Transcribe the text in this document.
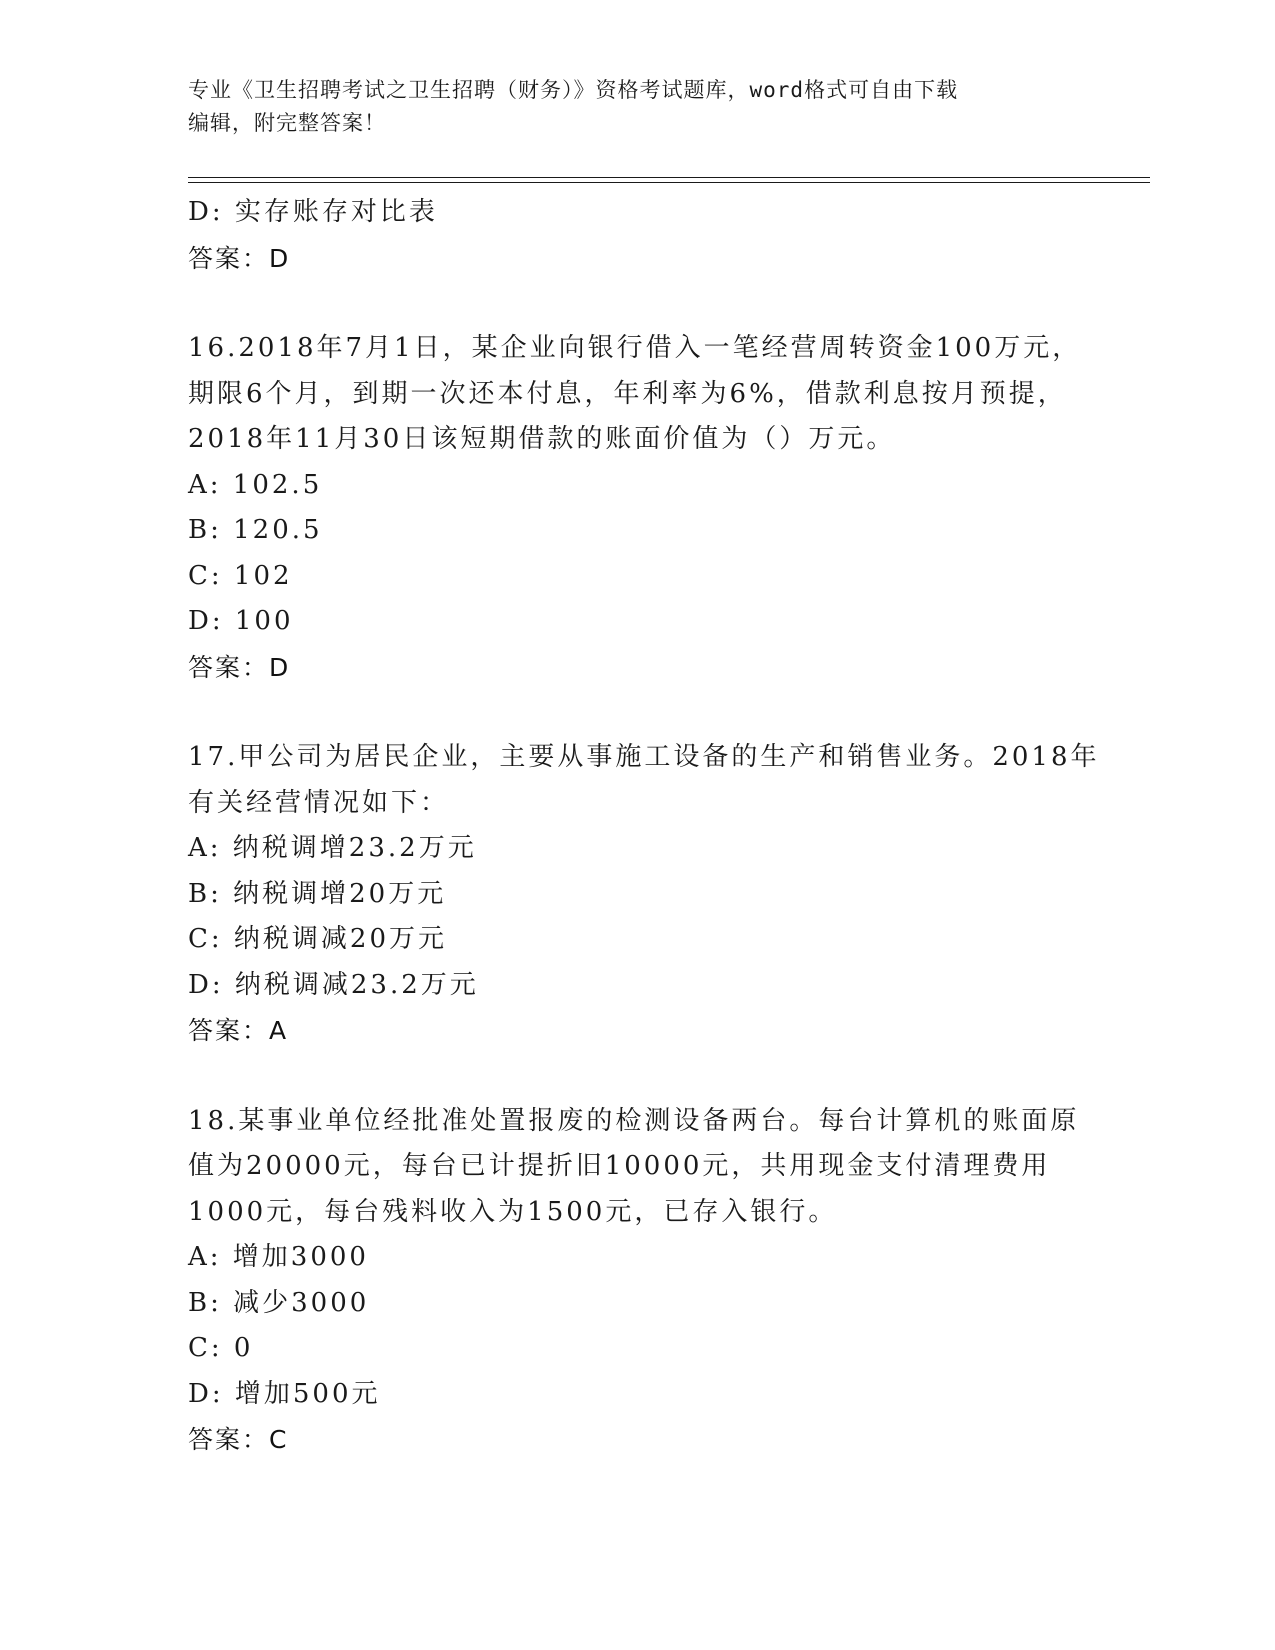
专业《卫生招聘考试之卫生招聘（财务）》资格考试题库，word格式可自由下载
编辑，附完整答案！
D: 实存账存对比表
答案：D
16.2018年7月1日，某企业向银行借入一笔经营周转资金100万元，
期限6个月，到期一次还本付息，年利率为6%，借款利息按月预提，
2018年11月30日该短期借款的账面价值为（）万元。
A: 102.5
B: 120.5
C: 102
D: 100
答案：D
17.甲公司为居民企业，主要从事施工设备的生产和销售业务。2018年
有关经营情况如下：
A: 纳税调增23.2万元
B: 纳税调增20万元
C: 纳税调减20万元
D: 纳税调减23.2万元
答案：A
18.某事业单位经批准处置报废的检测设备两台。每台计算机的账面原
值为20000元，每台已计提折旧10000元，共用现金支付清理费用
1000元，每台残料收入为1500元，已存入银行。
A: 增加3000
B: 减少3000
C: 0
D: 增加500元
答案：C
